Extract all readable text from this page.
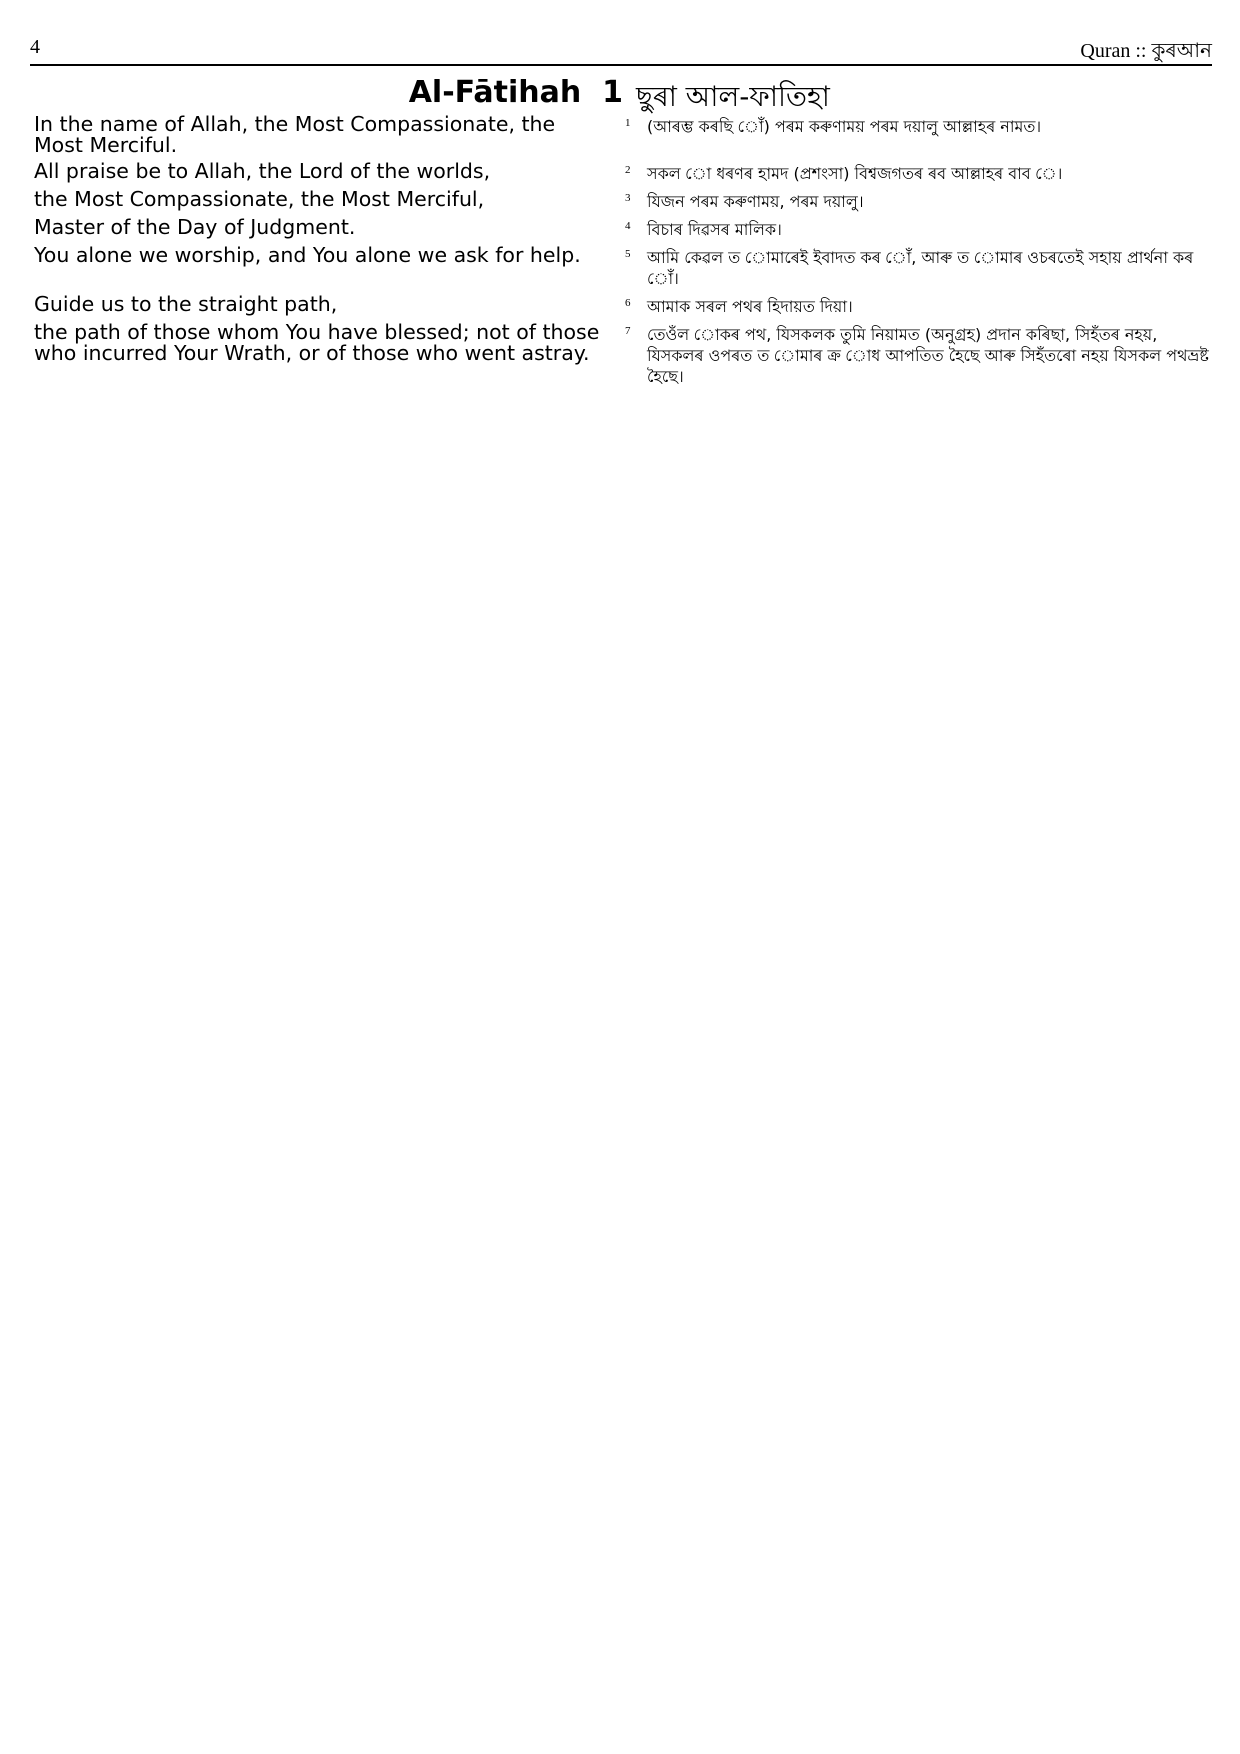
4	Quran :: কুৰআন
Al-Fātihah 1 ছুৰা আল-ফাতিহা
In the name of Allah, the Most Compassionate, the Most Merciful.	1	(আৰম্ভ কৰছি োঁ) পৰম কৰুণাময় পৰম দয়ালু আল্লাহৰ নামত।
All praise be to Allah, the Lord of the worlds,	2	সকল ো ধৰণৰ হামদ (প্ৰশংসা) বিশ্বজগতৰ ৰব আল্লাহৰ বাব ে।
the Most Compassionate, the Most Merciful,	3	যিজন পৰম কৰুণাময়, পৰম দয়ালু।
Master of the Day of Judgment.	4	বিচাৰ দিৱসৰ মালিক।
You alone we worship, and You alone we ask for help.	5	আমি কেৱল ত োমাৰেই ইবাদত কৰ োঁ, আৰু ত োমাৰ ওচৰতেই সহায় প্ৰাৰ্থনা কৰ োঁ।
Guide us to the straight path,	6	আমাক সৰল পথৰ হিদায়ত দিয়া।
the path of those whom You have blessed; not of those who incurred Your Wrath, or of those who went astray.	7	তেওঁল োকৰ পথ, যিসকলক তুমি নিয়ামত (অনুগ্ৰহ) প্ৰদান কৰিছা, সিহঁতৰ নহয়, যিসকলৰ ওপৰত ত োমাৰ ক্ৰ োধ আপতিত হৈছে আৰু সিহঁতৰো নহয় যিসকল পথভ্ৰষ্ট হৈছে।
